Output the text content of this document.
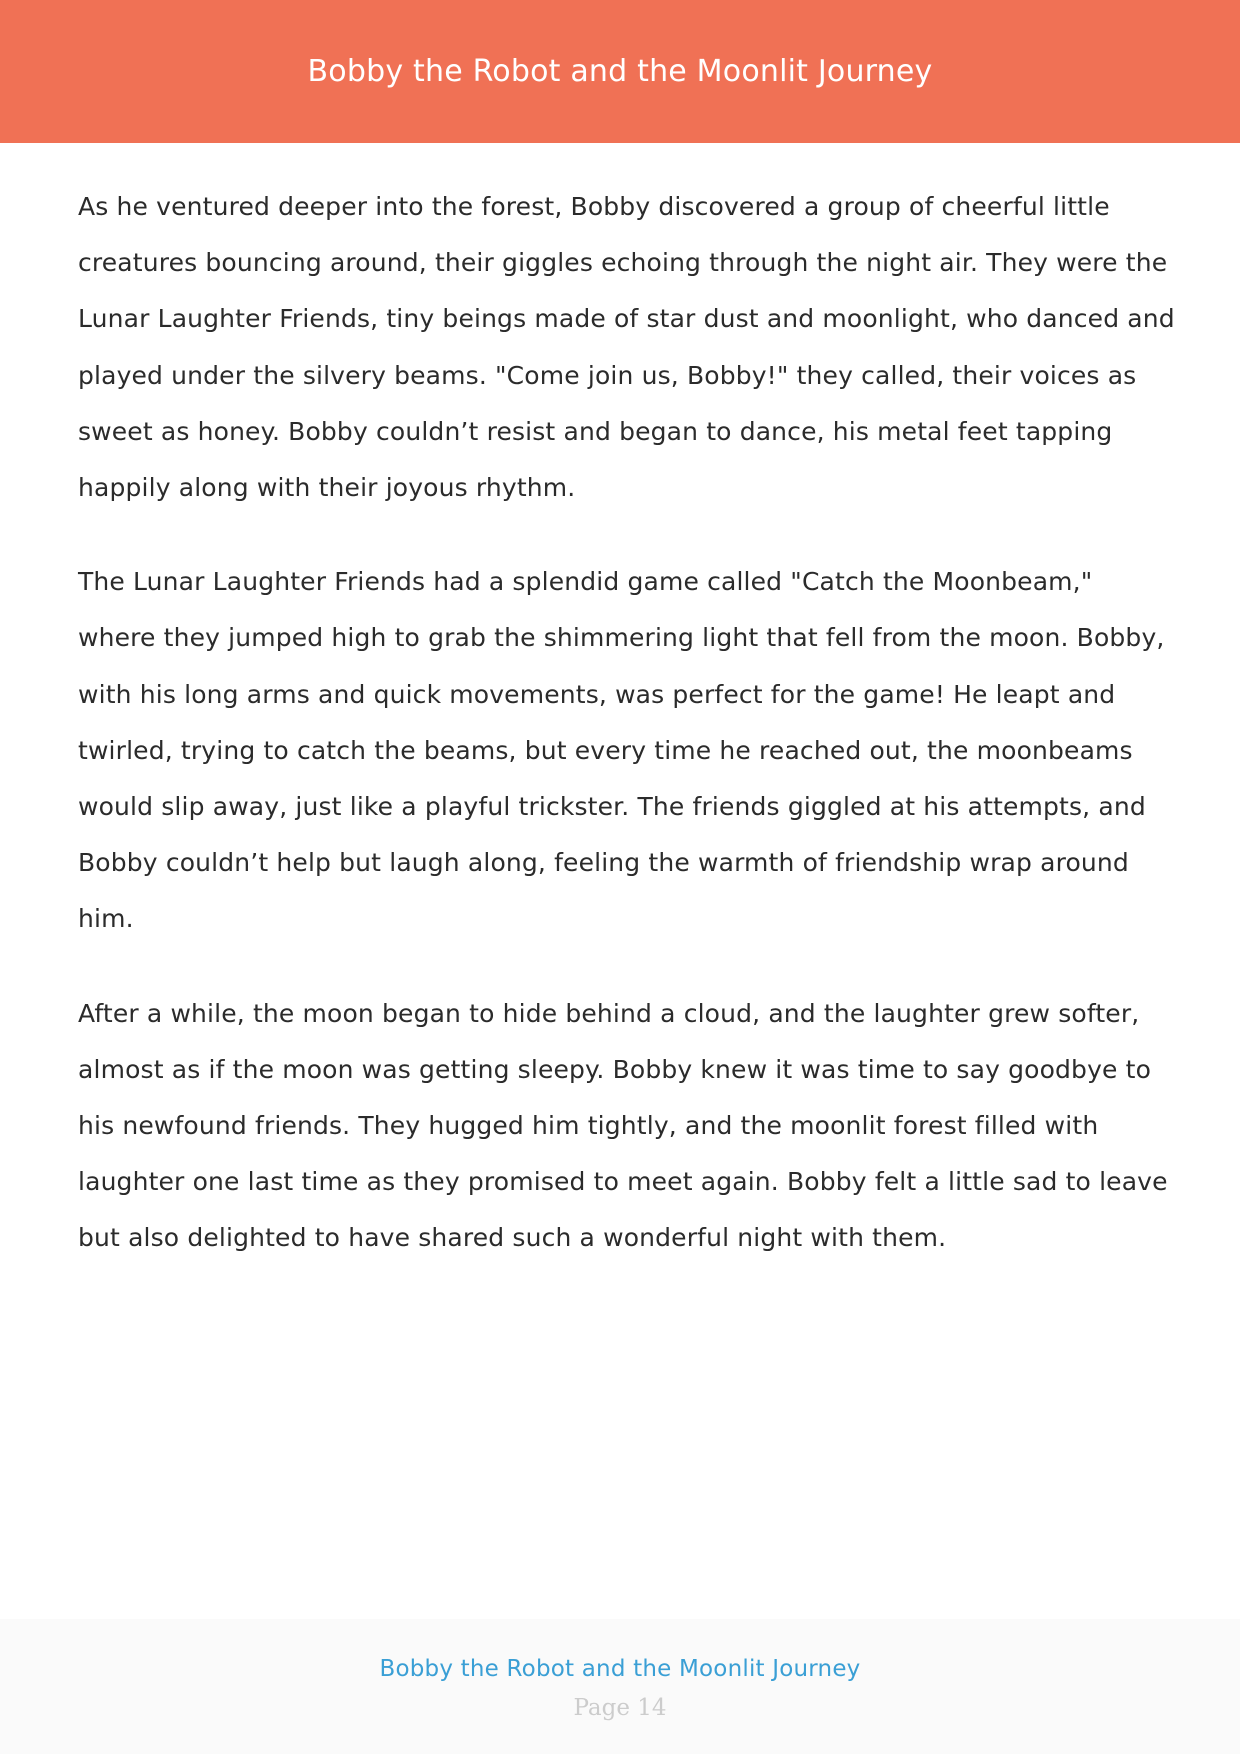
Bobby the Robot and the Moonlit Journey

As he ventured deeper into the forest, Bobby discovered a group of cheerful little creatures bouncing around, their giggles echoing through the night air. They were the Lunar Laughter Friends, tiny beings made of star dust and moonlight, who danced and played under the silvery beams. "Come join us, Bobby!" they called, their voices as sweet as honey. Bobby couldn’t resist and began to dance, his metal feet tapping happily along with their joyous rhythm.

The Lunar Laughter Friends had a splendid game called "Catch the Moonbeam," where they jumped high to grab the shimmering light that fell from the moon. Bobby, with his long arms and quick movements, was perfect for the game! He leapt and twirled, trying to catch the beams, but every time he reached out, the moonbeams would slip away, just like a playful trickster. The friends giggled at his attempts, and Bobby couldn’t help but laugh along, feeling the warmth of friendship wrap around him.

After a while, the moon began to hide behind a cloud, and the laughter grew softer, almost as if the moon was getting sleepy. Bobby knew it was time to say goodbye to his newfound friends. They hugged him tightly, and the moonlit forest filled with laughter one last time as they promised to meet again. Bobby felt a little sad to leave but also delighted to have shared such a wonderful night with them.

Bobby the Robot and the Moonlit Journey
Page 14
